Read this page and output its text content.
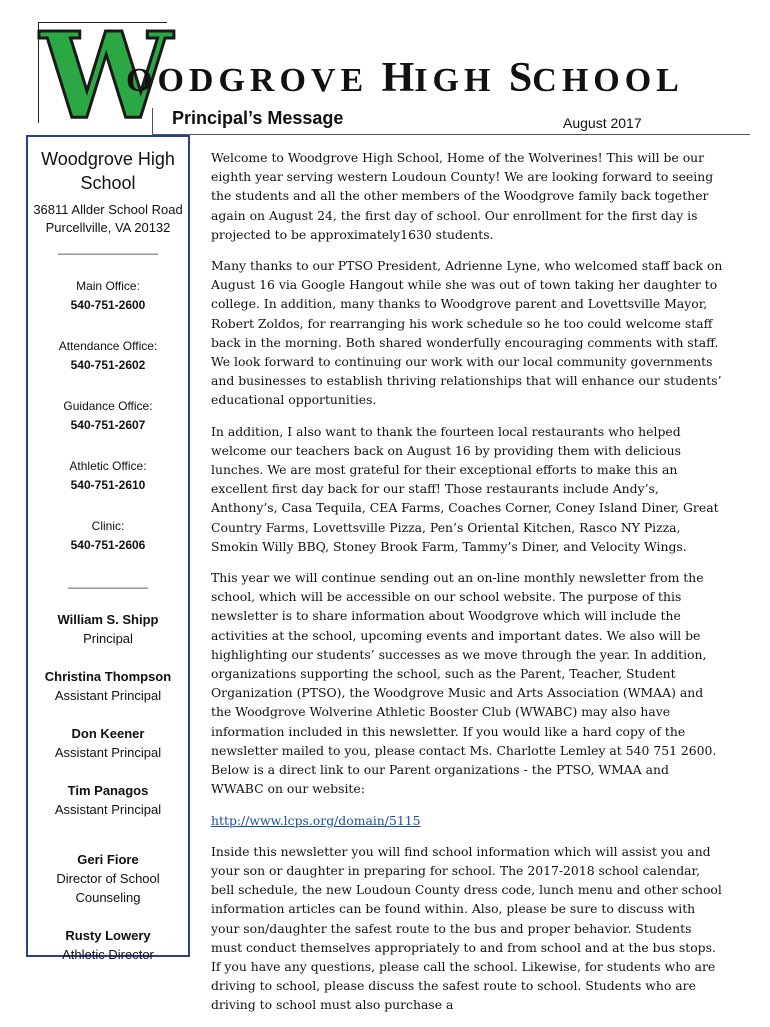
W
OODGROVE HIGH SCHOOL
Principal’s Message	August 2017
Woodgrove High School
36811 Allder School Road
Purcellville, VA 20132
_______________
Main Office:
540-751-2600
Attendance Office:
540-751-2602
Guidance Office:
540-751-2607
Athletic Office:
540-751-2610
Clinic:
540-751-2606
____________
William S. Shipp
Principal
Christina Thompson
Assistant Principal
Don Keener
Assistant Principal
Tim Panagos
Assistant Principal
Geri Fiore
Director of School Counseling
Rusty Lowery
Athletic Director

Welcome to Woodgrove High School, Home of the Wolverines! This will be our eighth year serving western Loudoun County! We are looking forward to seeing the students and all the other members of the Woodgrove family back together again on August 24, the first day of school. Our enrollment for the first day is projected to be approximately1630 students.

Many thanks to our PTSO President, Adrienne Lyne, who welcomed staff back on August 16 via Google Hangout while she was out of town taking her daughter to college. In addition, many thanks to Woodgrove parent and Lovettsville Mayor, Robert Zoldos, for rearranging his work schedule so he too could welcome staff back in the morning. Both shared wonderfully encouraging comments with staff. We look forward to continuing our work with our local community governments and businesses to establish thriving relationships that will enhance our students’ educational opportunities.

In addition, I also want to thank the fourteen local restaurants who helped welcome our teachers back on August 16 by providing them with delicious lunches. We are most grateful for their exceptional efforts to make this an excellent first day back for our staff! Those restaurants include Andy’s, Anthony’s, Casa Tequila, CEA Farms, Coaches Corner, Coney Island Diner, Great Country Farms, Lovettsville Pizza, Pen’s Oriental Kitchen, Rasco NY Pizza, Smokin Willy BBQ, Stoney Brook Farm, Tammy’s Diner, and Velocity Wings.

This year we will continue sending out an on-line monthly newsletter from the school, which will be accessible on our school website. The purpose of this newsletter is to share information about Woodgrove which will include the activities at the school, upcoming events and important dates. We also will be highlighting our students’ successes as we move through the year. In addition, organizations supporting the school, such as the Parent, Teacher, Student Organization (PTSO), the Woodgrove Music and Arts Association (WMAA) and the Woodgrove Wolverine Athletic Booster Club (WWABC) may also have information included in this newsletter. If you would like a hard copy of the newsletter mailed to you, please contact Ms. Charlotte Lemley at 540 751 2600. Below is a direct link to our Parent organizations - the PTSO, WMAA and WWABC on our website:

http://www.lcps.org/domain/5115

Inside this newsletter you will find school information which will assist you and your son or daughter in preparing for school. The 2017-2018 school calendar, bell schedule, the new Loudoun County dress code, lunch menu and other school information articles can be found within. Also, please be sure to discuss with your son/daughter the safest route to the bus and proper behavior. Students must conduct themselves appropriately to and from school and at the bus stops. If you have any questions, please call the school. Likewise, for students who are driving to school, please discuss the safest route to school. Students who are driving to school must also purchase a
